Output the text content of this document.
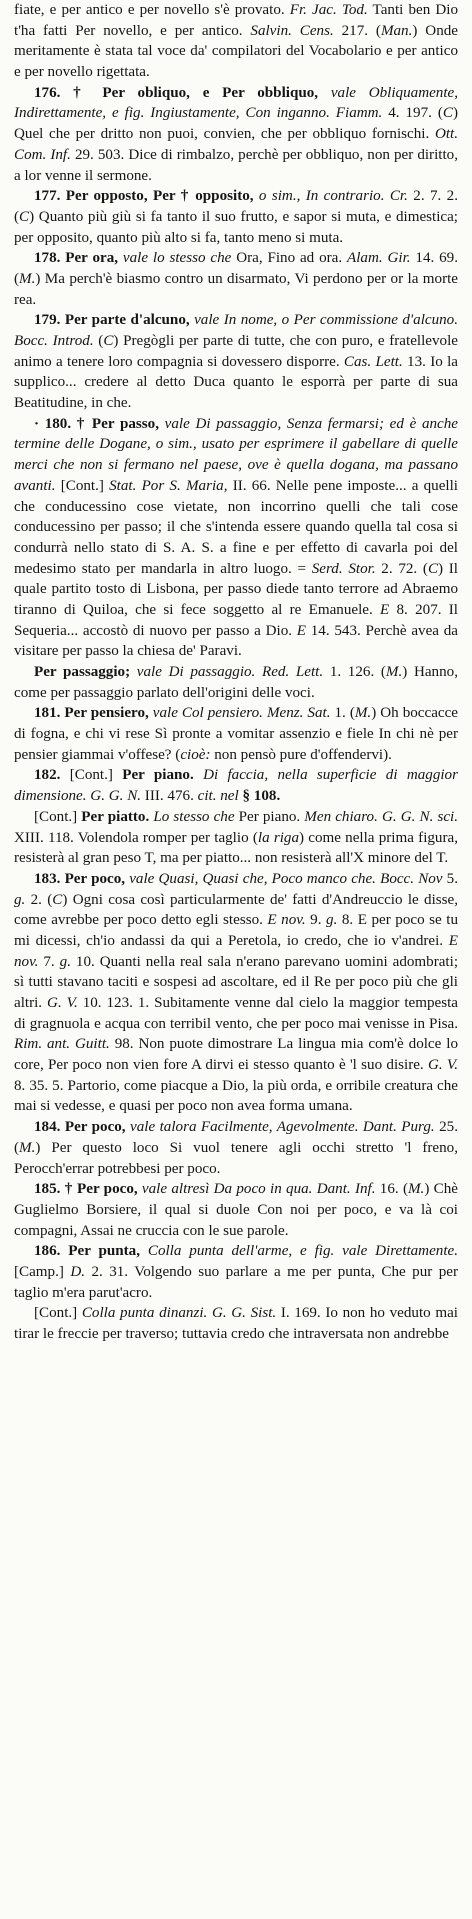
fiate, e per antico e per novello s'è provato. Fr. Jac. Tod. Tanti ben Dio t'ha fatti Per novello, e per antico. Salvin. Cens. 217. (Man.) Onde meritamente è stata tal voce da' compilatori del Vocabolario e per antico e per novello rigettata.
176. † Per obliquo, e Per obbliquo, vale Obliquamente, Indirettamente, e fig. Ingiustamente, Con inganno. Fiamm. 4. 197. (C) Quel che per dritto non puoi, convien, che per obbliquo fornischi. Ott. Com. Inf. 29. 503. Dice di rimbalzo, perchè per obbliquo, non per diritto, a lor venne il sermone.
177. Per opposto, Per † opposito, o sim., In contrario. Cr. 2. 7. 2. (C) Quanto più giù si fa tanto il suo frutto, e sapor si muta, e dimestica; per opposito, quanto più alto si fa, tanto meno si muta.
178. Per ora, vale lo stesso che Ora, Fino ad ora. Alam. Gir. 14. 69. (M.) Ma perch'è biasmo contro un disarmato, Vi perdono per or la morte rea.
179. Per parte d'alcuno, vale In nome, o Per commissione d'alcuno. Bocc. Introd. (C) Pregògli per parte di tutte, che con puro, e fratellevole animo a tenere loro compagnia si dovessero disporre. Cas. Lett. 13. Io la supplico... credere al detto Duca quanto le esporrà per parte di sua Beatitudine, in che.
· 180. † Per passo, vale Di passaggio, Senza fermarsi; ed è anche termine delle Dogane, o sim., usato per esprimere il gabellare di quelle merci che non si fermano nel paese, ove è quella dogana, ma passano avanti. [Cont.] Stat. Por S. Maria, II. 66. Nelle pene imposte... a quelli che conducessino cose vietate, non incorrino quelli che tali cose conducessino per passo; il che s'intenda essere quando quella tal cosa si condurrà nello stato di S. A. S. a fine e per effetto di cavarla poi del medesimo stato per mandarla in altro luogo. = Serd. Stor. 2. 72. (C) Il quale partito tosto di Lisbona, per passo diede tanto terrore ad Abraemo tiranno di Quiloa, che si fece soggetto al re Emanuele. E 8. 207. Il Sequeria... accostò di nuovo per passo a Dio. E 14. 543. Perchè avea da visitare per passo la chiesa de' Paravi.
Per passaggio; vale Di passaggio. Red. Lett. 1. 126. (M.) Hanno, come per passaggio parlato dell'origini delle voci.
181. Per pensiero, vale Col pensiero. Menz. Sat. 1. (M.) Oh boccacce di fogna, e chi vi rese Sì pronte a vomitar assenzio e fiele In chi nè per pensier giammai v'offese? (cioè: non pensò pure d'offendervi).
182. [Cont.] Per piano. Di faccia, nella superficie di maggior dimensione. G. G. N. III. 476. cit. nel § 108.
[Cont.] Per piatto. Lo stesso che Per piano. Men chiaro. G. G. N. sci. XIII. 118. Volendola romper per taglio (la riga) come nella prima figura, resisterà al gran peso T, ma per piatto... non resisterà all'X minore del T.
183. Per poco, vale Quasi, Quasi che, Poco manco che. Bocc. Nov 5. g. 2. (C) Ogni cosa così particularmente de' fatti d'Andreuccio le disse, come avrebbe per poco detto egli stesso. E nov. 9. g. 8. E per poco se tu mi dicessi, ch'io andassi da qui a Peretola, io credo, che io v'andrei. E nov. 7. g. 10. Quanti nella real sala n'erano parevano uomini adombrati; sì tutti stavano taciti e sospesi ad ascoltare, ed il Re per poco più che gli altri. G. V. 10. 123. 1. Subitamente venne dal cielo la maggior tempesta di gragnuola e acqua con terribil vento, che per poco mai venisse in Pisa. Rim. ant. Guitt. 98. Non puote dimostrare La lingua mia com'è dolce lo core, Per poco non vien fore A dirvi ei stesso quanto è 'l suo disire. G. V. 8. 35. 5. Partorio, come piacque a Dio, la più orda, e orribile creatura che mai si vedesse, e quasi per poco non avea forma umana.
184. Per poco, vale talora Facilmente, Agevolmente. Dant. Purg. 25. (M.) Per questo loco Si vuol tenere agli occhi stretto 'l freno, Perocch'errar potrebbesi per poco.
185. † Per poco, vale altresì Da poco in qua. Dant. Inf. 16. (M.) Chè Guglielmo Borsiere, il qual si duole Con noi per poco, e va là coi compagni, Assai ne cruccia con le sue parole.
186. Per punta, Colla punta dell'arme, e fig. vale Direttamente. [Camp.] D. 2. 31. Volgendo suo parlare a me per punta, Che pur per taglio m'era parut'acro.
[Cont.] Colla punta dinanzi. G. G. Sist. I. 169. Io non ho veduto mai tirar le freccie per traverso; tuttavia credo che intraversata non andrebbe
